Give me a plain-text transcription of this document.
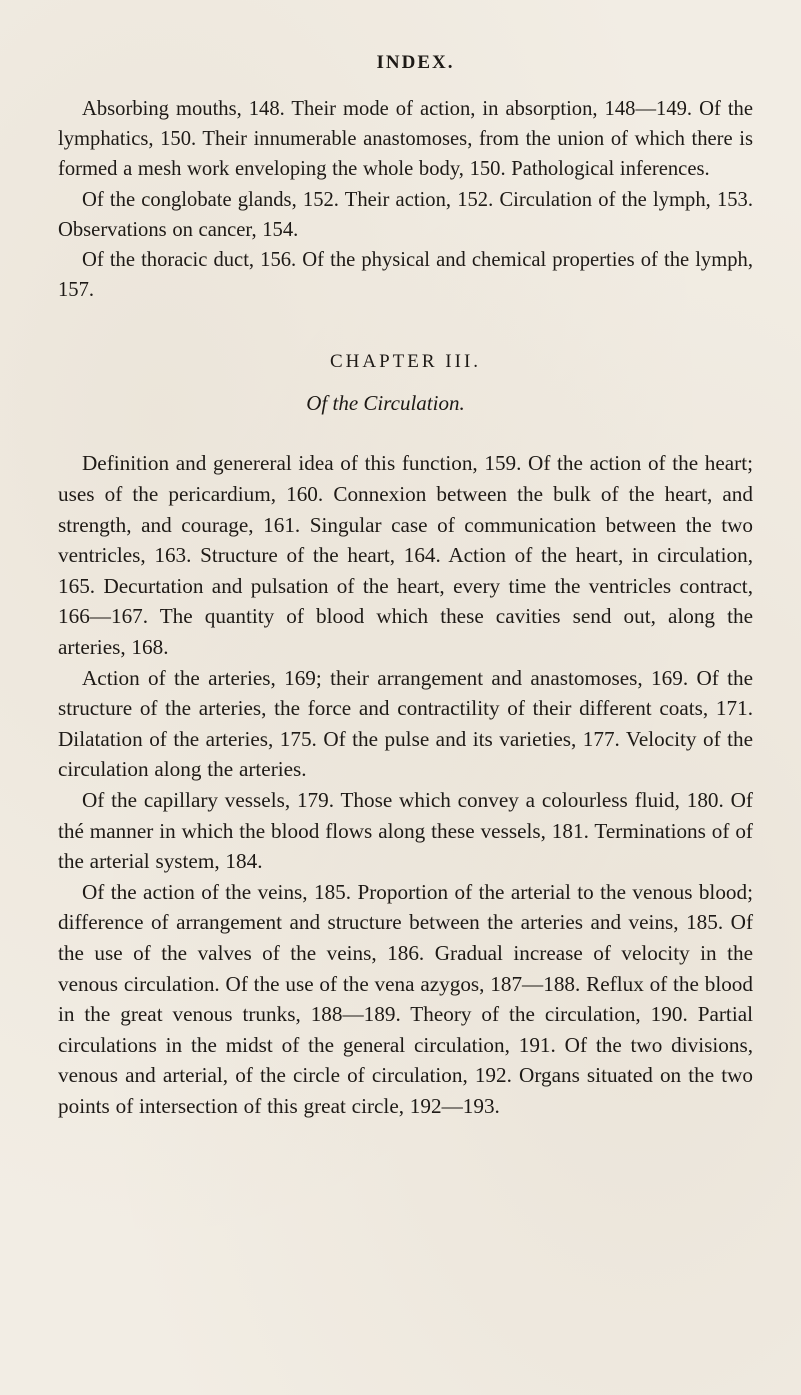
INDEX.

Absorbing mouths, 148. Their mode of action, in absorption, 148—149. Of the lymphatics, 150. Their innumerable anastomoses, from the union of which there is formed a mesh work enveloping the whole body, 150. Pathological inferences.

Of the conglobate glands, 152. Their action, 152. Circulation of the lymph, 153. Observations on cancer, 154.

Of the thoracic duct, 156. Of the physical and chemical properties of the lymph, 157.

CHAPTER III.
Of the Circulation.

Definition and genereral idea of this function, 159. Of the action of the heart; uses of the pericardium, 160. Connexion between the bulk of the heart, and strength, and courage, 161. Singular case of communication between the two ventricles, 163. Structure of the heart, 164. Action of the heart, in circulation, 165. Decurtation and pulsation of the heart, every time the ventricles contract, 166—167. The quantity of blood which these cavities send out, along the arteries, 168.

Action of the arteries, 169; their arrangement and anastomoses, 169. Of the structure of the arteries, the force and contractility of their different coats, 171. Dilatation of the arteries, 175. Of the pulse and its varieties, 177. Velocity of the circulation along the arteries.

Of the capillary vessels, 179. Those which convey a colourless fluid, 180. Of thé manner in which the blood flows along these vessels, 181. Terminations of of the arterial system, 184.

Of the action of the veins, 185. Proportion of the arterial to the venous blood; difference of arrangement and structure between the arteries and veins, 185. Of the use of the valves of the veins, 186. Gradual increase of velocity in the venous circulation. Of the use of the vena azygos, 187—188. Reflux of the blood in the great venous trunks, 188—189. Theory of the circulation, 190. Partial circulations in the midst of the general circulation, 191. Of the two divisions, venous and arterial, of the circle of circulation, 192. Organs situated on the two points of intersection of this great circle, 192—193.
